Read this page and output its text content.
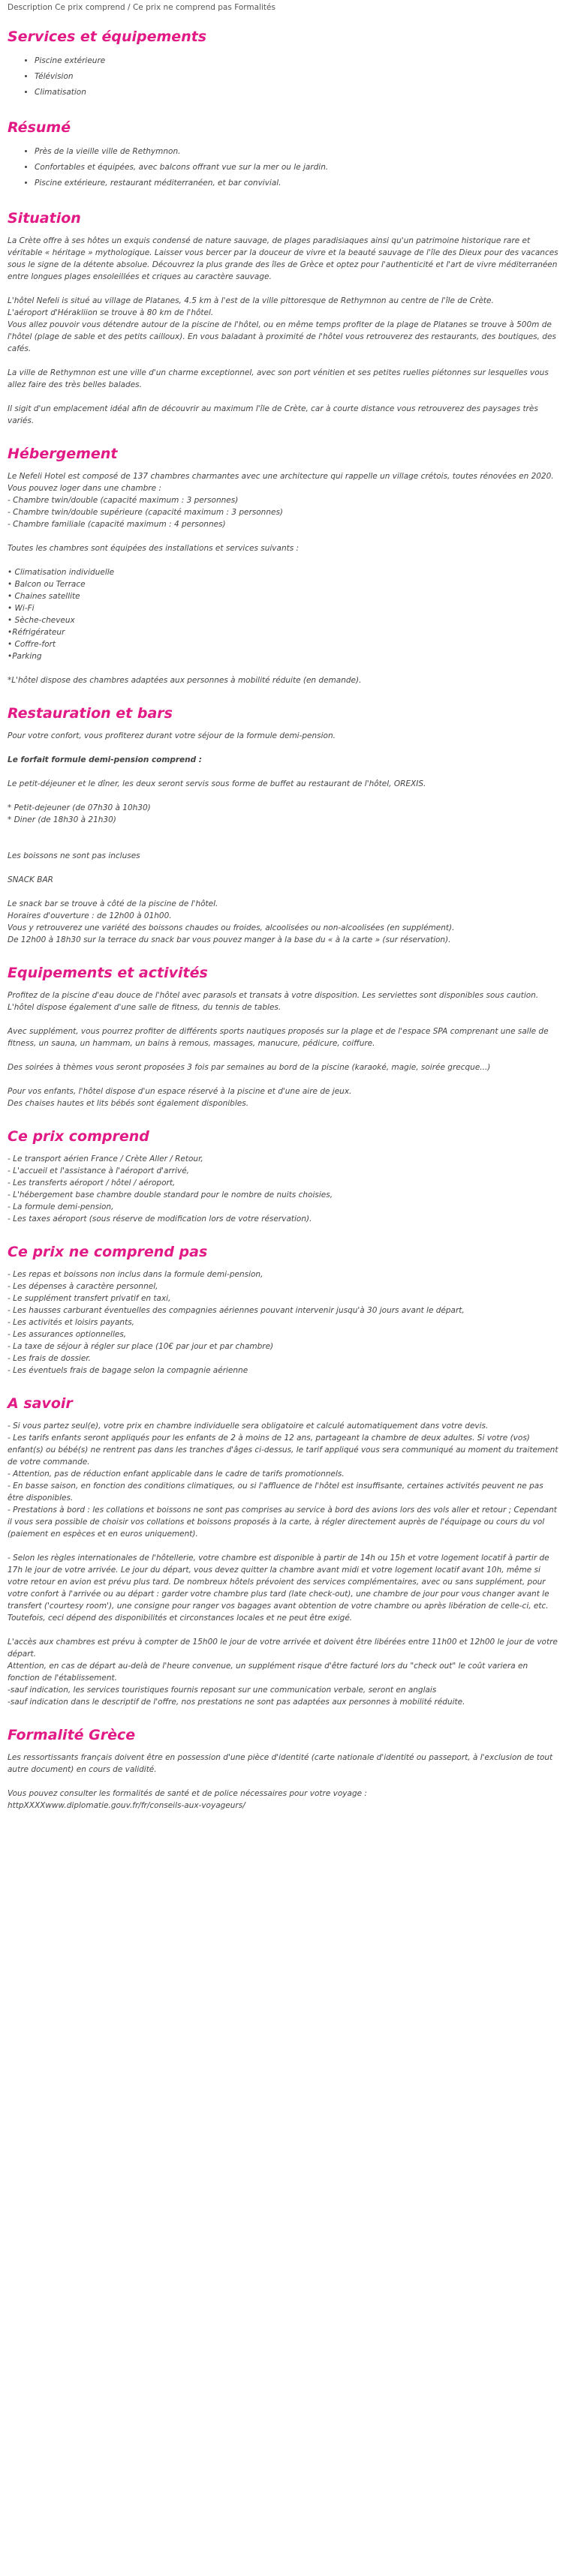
Description Ce prix comprend / Ce prix ne comprend pas Formalités
Services et équipements
• Piscine extérieure
• Télévision
• Climatisation
Résumé
• Près de la vieille ville de Rethymnon.
• Confortables et équipées, avec balcons offrant vue sur la mer ou le jardin.
• Piscine extérieure, restaurant méditerranéen, et bar convivial.
Situation

La Crète offre à ses hôtes un exquis condensé de nature sauvage, de plages paradisiaques ainsi qu'un patrimoine historique rare et véritable « héritage » mythologique. Laisser vous bercer par la douceur de vivre et la beauté sauvage de l'île des Dieux pour des vacances sous le signe de la détente absolue. Découvrez la plus grande des îles de Grèce et optez pour l'authenticité et l'art de vivre méditerranéen entre longues plages ensoleillées et criques au caractère sauvage.

L'hôtel Nefeli is situé au village de Platanes, 4.5 km à l'est de la ville pittoresque de Rethymnon au centre de l'île de Crète.

L'aéroport d'Hérakliion se trouve à 80 km de l'hôtel.

Vous allez pouvoir vous détendre autour de la piscine de l'hôtel, ou en même temps profiter de la plage de Platanes se trouve à 500m de l'hôtel (plage de sable et des petits cailloux). En vous baladant à proximité de l'hôtel vous retrouverez des restaurants, des boutiques, des cafés.

La ville de Rethymnon est une ville d'un charme exceptionnel, avec son port vénitien et ses petites ruelles piétonnes sur lesquelles vous allez faire des très belles balades.

Il sigit d'un emplacement idéal afin de découvrir au maximum l'île de Crète, car à courte distance vous retrouverez des paysages très variés.

Hébergement

Le Nefeli Hotel est composé de 137 chambres charmantes avec une architecture qui rappelle un village crétois, toutes rénovées en 2020. Vous pouvez loger dans une chambre :

- Chambre twin/double (capacité maximum : 3 personnes)

- Chambre twin/double supérieure (capacité maximum : 3 personnes)

- Chambre familiale (capacité maximum : 4 personnes)

Toutes les chambres sont équipées des installations et services suivants :

• Climatisation individuelle

• Balcon ou Terrace

• Chaines satellite

• Wi-Fi

• Sèche-cheveux

•Réfrigérateur

• Coffre-fort

•Parking

*L'hôtel dispose des chambres adaptées aux personnes à mobilité réduite (en demande).

Restauration et bars

Pour votre confort, vous profiterez durant votre séjour de la formule demi-pension.

Le forfait formule demi-pension comprend :

Le petit-déjeuner et le dîner, les deux seront servis sous forme de buffet au restaurant de l'hôtel, OREXIS.

* Petit-dejeuner (de 07h30 à 10h30)

* Diner (de 18h30 à 21h30)

Les boissons ne sont pas incluses

SNACK BAR

Le snack bar se trouve à côté de la piscine de l'hôtel.

Horaires d'ouverture : de 12h00 à 01h00.

Vous y retrouverez une variété des boissons chaudes ou froides, alcoolisées ou non-alcoolisées (en supplément).

De 12h00 à 18h30 sur la terrace du snack bar vous pouvez manger à la base du « à la carte » (sur réservation).

Equipements et activités

Profitez de la piscine d'eau douce de l'hôtel avec parasols et transats à votre disposition. Les serviettes sont disponibles sous caution. L'hôtel dispose également d'une salle de fitness, du tennis de tables.

Avec supplément, vous pourrez profiter de différents sports nautiques proposés sur la plage et de l'espace SPA comprenant une salle de fitness, un sauna, un hammam, un bains à remous, massages, manucure, pédicure, coiffure.

Des soirées à thèmes vous seront proposées 3 fois par semaines au bord de la piscine (karaoké, magie, soirée grecque...)

Pour vos enfants, l'hôtel dispose d'un espace réservé à la piscine et d'une aire de jeux.

Des chaises hautes et lits bébés sont également disponibles.

Ce prix comprend

- Le transport aérien France / Crète Aller / Retour,

- L'accueil et l'assistance à l'aéroport d'arrivé,

- Les transferts aéroport / hôtel / aéroport,

- L'hébergement base chambre double standard pour le nombre de nuits choisies,

- La formule demi-pension,

- Les taxes aéroport (sous réserve de modification lors de votre réservation).

Ce prix ne comprend pas

- Les repas et boissons non inclus dans la formule demi-pension,

- Les dépenses à caractère personnel,

- Le supplément transfert privatif en taxi,

- Les hausses carburant éventuelles des compagnies aériennes pouvant intervenir jusqu'à 30 jours avant le départ,

- Les activités et loisirs payants,

- Les assurances optionnelles,

- La taxe de séjour à régler sur place (10€ par jour et par chambre)

- Les frais de dossier.

- Les éventuels frais de bagage selon la compagnie aérienne

A savoir

- Si vous partez seul(e), votre prix en chambre individuelle sera obligatoire et calculé automatiquement dans votre devis.

- Les tarifs enfants seront appliqués pour les enfants de 2 à moins de 12 ans, partageant la chambre de deux adultes. Si votre (vos) enfant(s) ou bébé(s) ne rentrent pas dans les tranches d'âges ci-dessus, le tarif appliqué vous sera communiqué au moment du traitement de votre commande.

- Attention, pas de réduction enfant applicable dans le cadre de tarifs promotionnels.

- En basse saison, en fonction des conditions climatiques, ou si l'affluence de l'hôtel est insuffisante, certaines activités peuvent ne pas être disponibles.

- Prestations à bord : les collations et boissons ne sont pas comprises au service à bord des avions lors des vols aller et retour ; Cependant il vous sera possible de choisir vos collations et boissons proposés à la carte, à régler directement auprès de l'équipage ou cours du vol (paiement en espèces et en euros uniquement).

- Selon les règles internationales de l'hôtellerie, votre chambre est disponible à partir de 14h ou 15h et votre logement locatif à partir de 17h le jour de votre arrivée. Le jour du départ, vous devez quitter la chambre avant midi et votre logement locatif avant 10h, même si votre retour en avion est prévu plus tard. De nombreux hôtels prévoient des services complémentaires, avec ou sans supplément, pour votre confort à l'arrivée ou au départ : garder votre chambre plus tard (late check-out), une chambre de jour pour vous changer avant le transfert ('courtesy room'), une consigne pour ranger vos bagages avant obtention de votre chambre ou après libération de celle-ci, etc. Toutefois, ceci dépend des disponibilités et circonstances locales et ne peut être exigé.

L'accès aux chambres est prévu à compter de 15h00 le jour de votre arrivée et doivent être libérées entre 11h00 et 12h00 le jour de votre départ.

Attention, en cas de départ au-delà de l'heure convenue, un supplément risque d'être facturé lors du "check out" le coût variera en fonction de l'établissement.

-sauf indication, les services touristiques fournis reposant sur une communication verbale, seront en anglais

-sauf indication dans le descriptif de l'offre, nos prestations ne sont pas adaptées aux personnes à mobilité réduite.

Formalité Grèce

Les ressortissants français doivent être en possession d'une pièce d'identité (carte nationale d'identité ou passeport, à l'exclusion de tout autre document) en cours de validité.

Vous pouvez consulter les formalités de santé et de police nécessaires pour votre voyage :

httpXXXXwww.diplomatie.gouv.fr/fr/conseils-aux-voyageurs/
